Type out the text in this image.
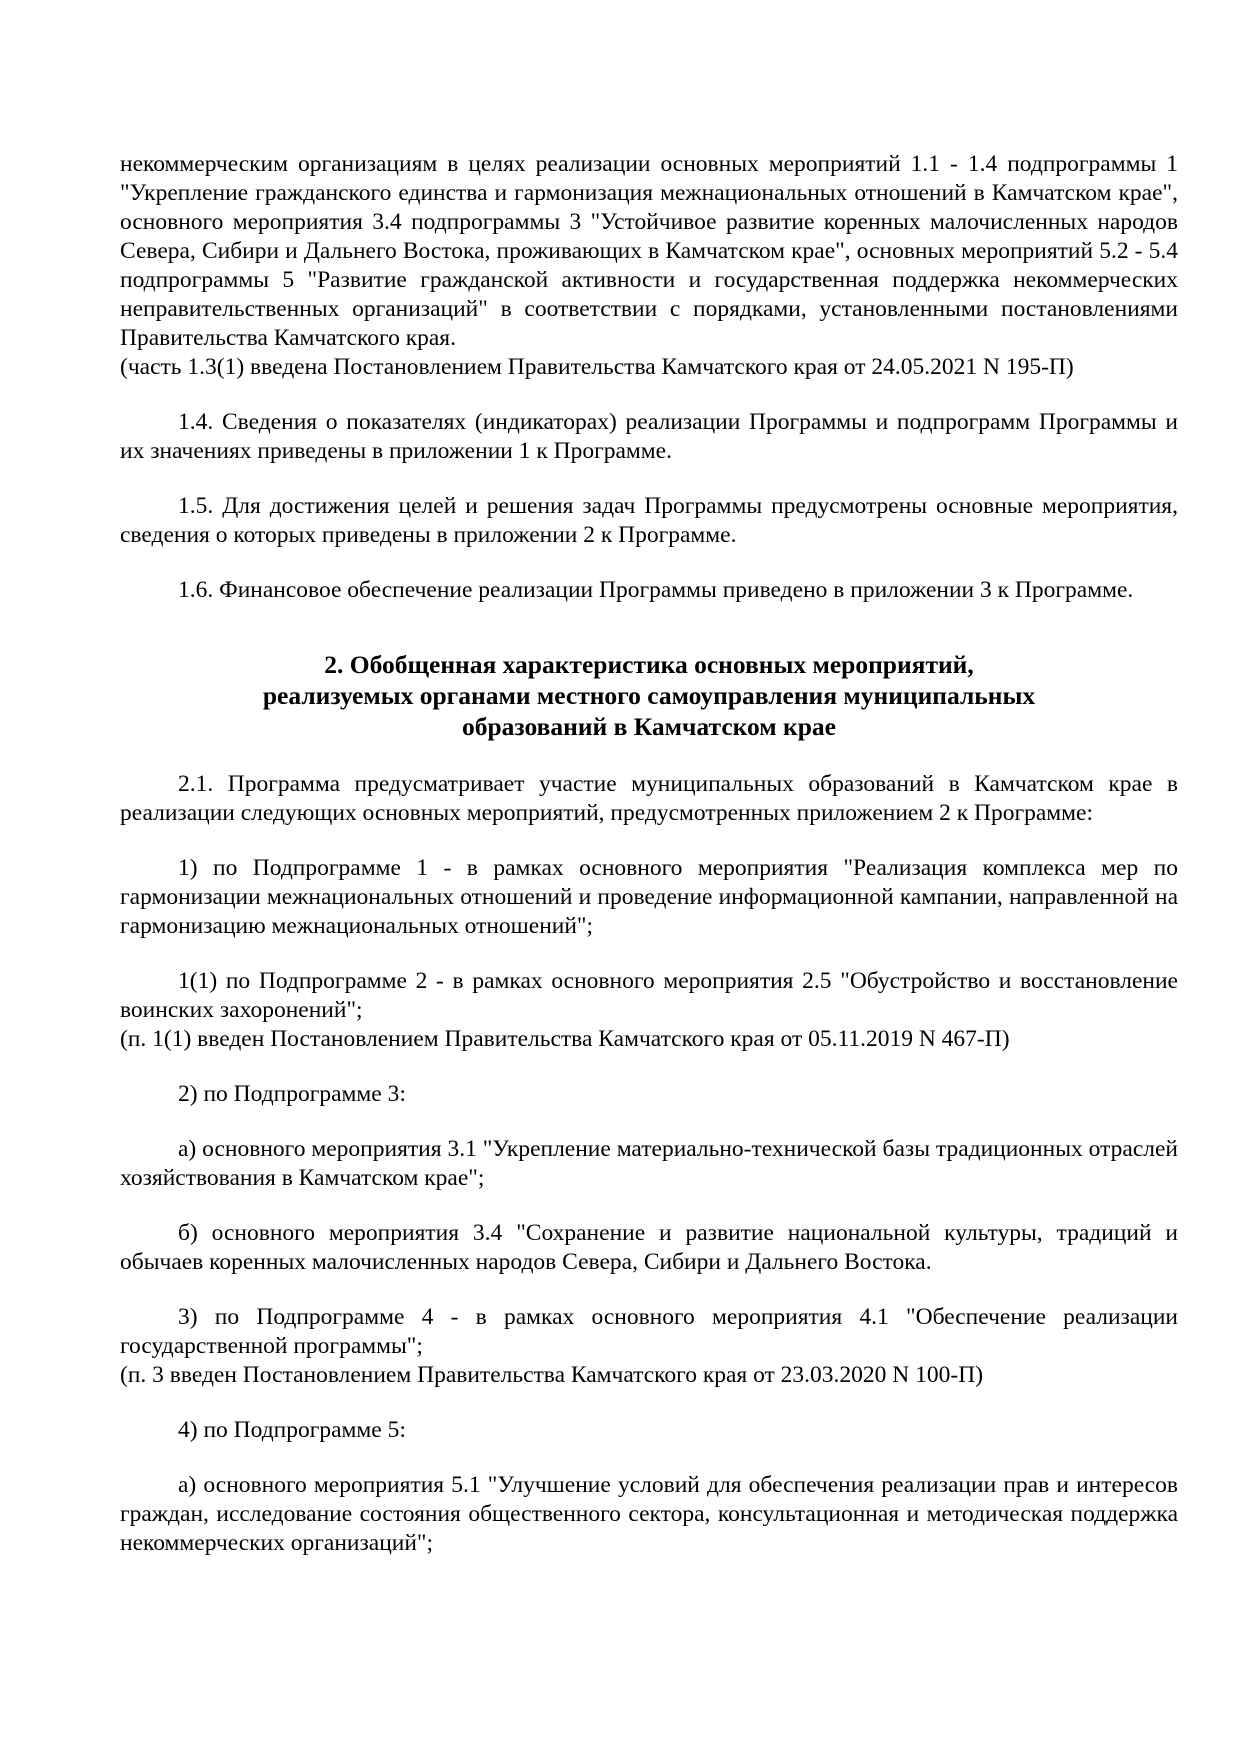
некоммерческим организациям в целях реализации основных мероприятий 1.1 - 1.4 подпрограммы 1 "Укрепление гражданского единства и гармонизация межнациональных отношений в Камчатском крае", основного мероприятия 3.4 подпрограммы 3 "Устойчивое развитие коренных малочисленных народов Севера, Сибири и Дальнего Востока, проживающих в Камчатском крае", основных мероприятий 5.2 - 5.4 подпрограммы 5 "Развитие гражданской активности и государственная поддержка некоммерческих неправительственных организаций" в соответствии с порядками, установленными постановлениями Правительства Камчатского края.

(часть 1.3(1) введена Постановлением Правительства Камчатского края от 24.05.2021 N 195-П)

1.4. Сведения о показателях (индикаторах) реализации Программы и подпрограмм Программы и их значениях приведены в приложении 1 к Программе.

1.5. Для достижения целей и решения задач Программы предусмотрены основные мероприятия, сведения о которых приведены в приложении 2 к Программе.

1.6. Финансовое обеспечение реализации Программы приведено в приложении 3 к Программе.

2. Обобщенная характеристика основных мероприятий,
реализуемых органами местного самоуправления муниципальных
образований в Камчатском крае

2.1. Программа предусматривает участие муниципальных образований в Камчатском крае в реализации следующих основных мероприятий, предусмотренных приложением 2 к Программе:

1) по Подпрограмме 1 - в рамках основного мероприятия "Реализация комплекса мер по гармонизации межнациональных отношений и проведение информационной кампании, направленной на гармонизацию межнациональных отношений";

1(1) по Подпрограмме 2 - в рамках основного мероприятия 2.5 "Обустройство и восстановление воинских захоронений";

(п. 1(1) введен Постановлением Правительства Камчатского края от 05.11.2019 N 467-П)

2) по Подпрограмме 3:

а) основного мероприятия 3.1 "Укрепление материально-технической базы традиционных отраслей хозяйствования в Камчатском крае";

б) основного мероприятия 3.4 "Сохранение и развитие национальной культуры, традиций и обычаев коренных малочисленных народов Севера, Сибири и Дальнего Востока.

3) по Подпрограмме 4 - в рамках основного мероприятия 4.1 "Обеспечение реализации государственной программы";

(п. 3 введен Постановлением Правительства Камчатского края от 23.03.2020 N 100-П)

4) по Подпрограмме 5:

а) основного мероприятия 5.1 "Улучшение условий для обеспечения реализации прав и интересов граждан, исследование состояния общественного сектора, консультационная и методическая поддержка некоммерческих организаций";
